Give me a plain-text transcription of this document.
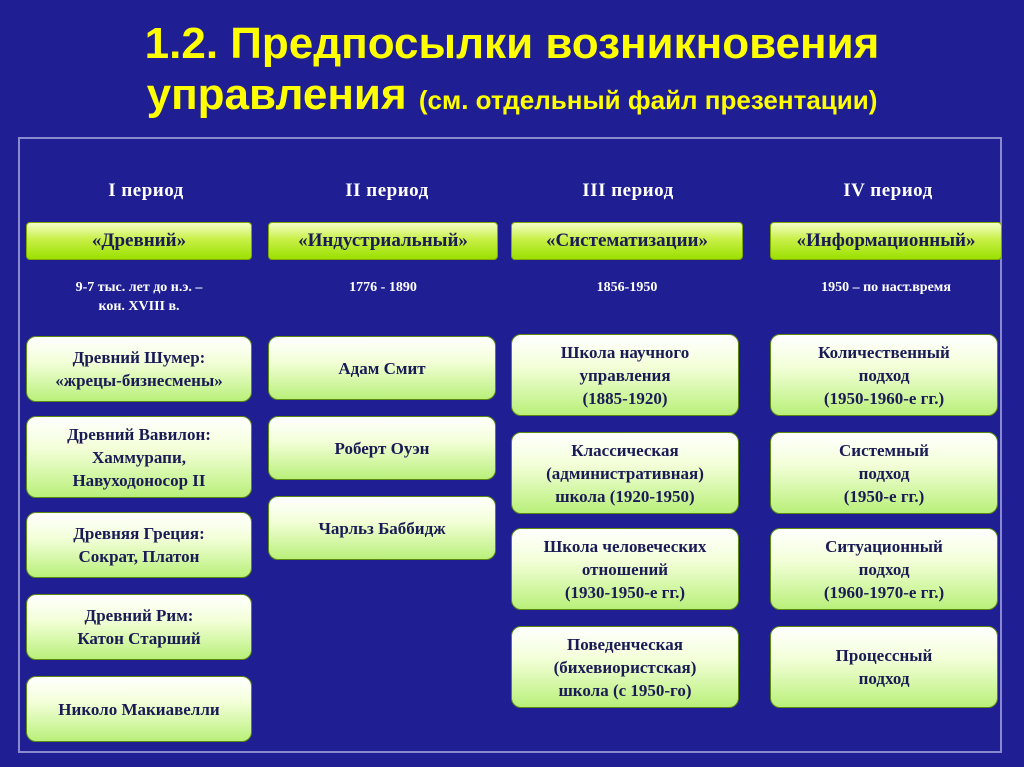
1.2. Предпосылки возникновения
управления (см. отдельный файл презентации)
I период
«Древний»
9-7 тыс. лет до н.э. –
кон. XVIII в.
Древний Шумер:
«жрецы-бизнесмены»
Древний Вавилон:
Хаммурапи,
Навуходоносор II
Древняя Греция:
Сократ, Платон
Древний Рим:
Катон Старший
Николо Макиавелли
II период
«Индустриальный»
1776 - 1890
Адам Смит
Роберт Оуэн
Чарльз Баббидж
III период
«Систематизации»
1856-1950
Школа научного
управления
(1885-1920)
Классическая
(административная)
школа (1920-1950)
Школа человеческих
отношений
(1930-1950-е гг.)
Поведенческая
(бихевиористская)
школа (с 1950-го)
IV период
«Информационный»
1950 – по наст.время
Количественный
подход
(1950-1960-е гг.)
Системный
подход
(1950-е гг.)
Ситуационный
подход
(1960-1970-е гг.)
Процессный
подход
